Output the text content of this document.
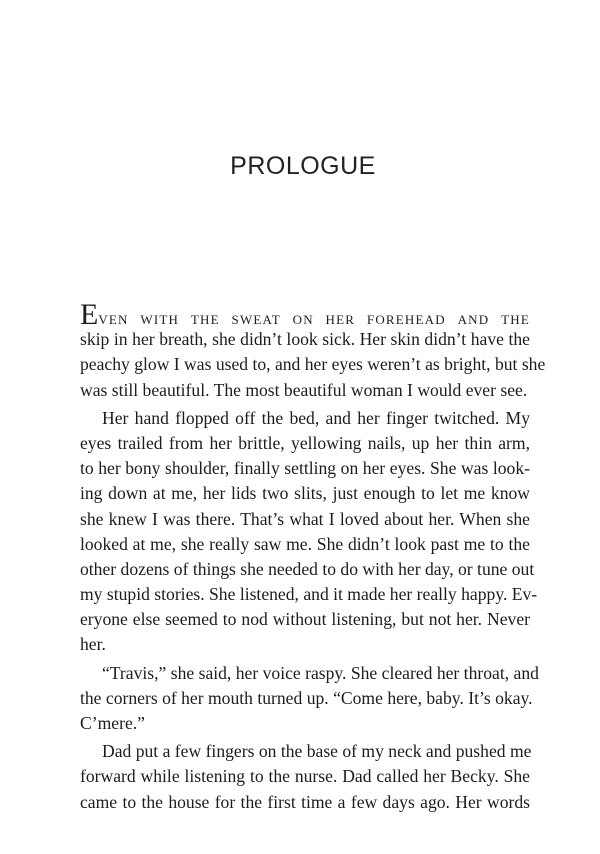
PROLOGUE
Even with the sweat on her forehead and the
skip in her breath, she didn’t look sick. Her skin didn’t have the
peachy glow I was used to, and her eyes weren’t as bright, but she
was still beautiful. The most beautiful woman I would ever see.
Her hand flopped off the bed, and her finger twitched. My
eyes trailed from her brittle, yellowing nails, up her thin arm,
to her bony shoulder, finally settling on her eyes. She was look-
ing down at me, her lids two slits, just enough to let me know
she knew I was there. That’s what I loved about her. When she
looked at me, she really saw me. She didn’t look past me to the
other dozens of things she needed to do with her day, or tune out
my stupid stories. She listened, and it made her really happy. Ev-
eryone else seemed to nod without listening, but not her. Never
her.
“Travis,” she said, her voice raspy. She cleared her throat, and
the corners of her mouth turned up. “Come here, baby. It’s okay.
C’mere.”
Dad put a few fingers on the base of my neck and pushed me
forward while listening to the nurse. Dad called her Becky. She
came to the house for the first time a few days ago. Her words
